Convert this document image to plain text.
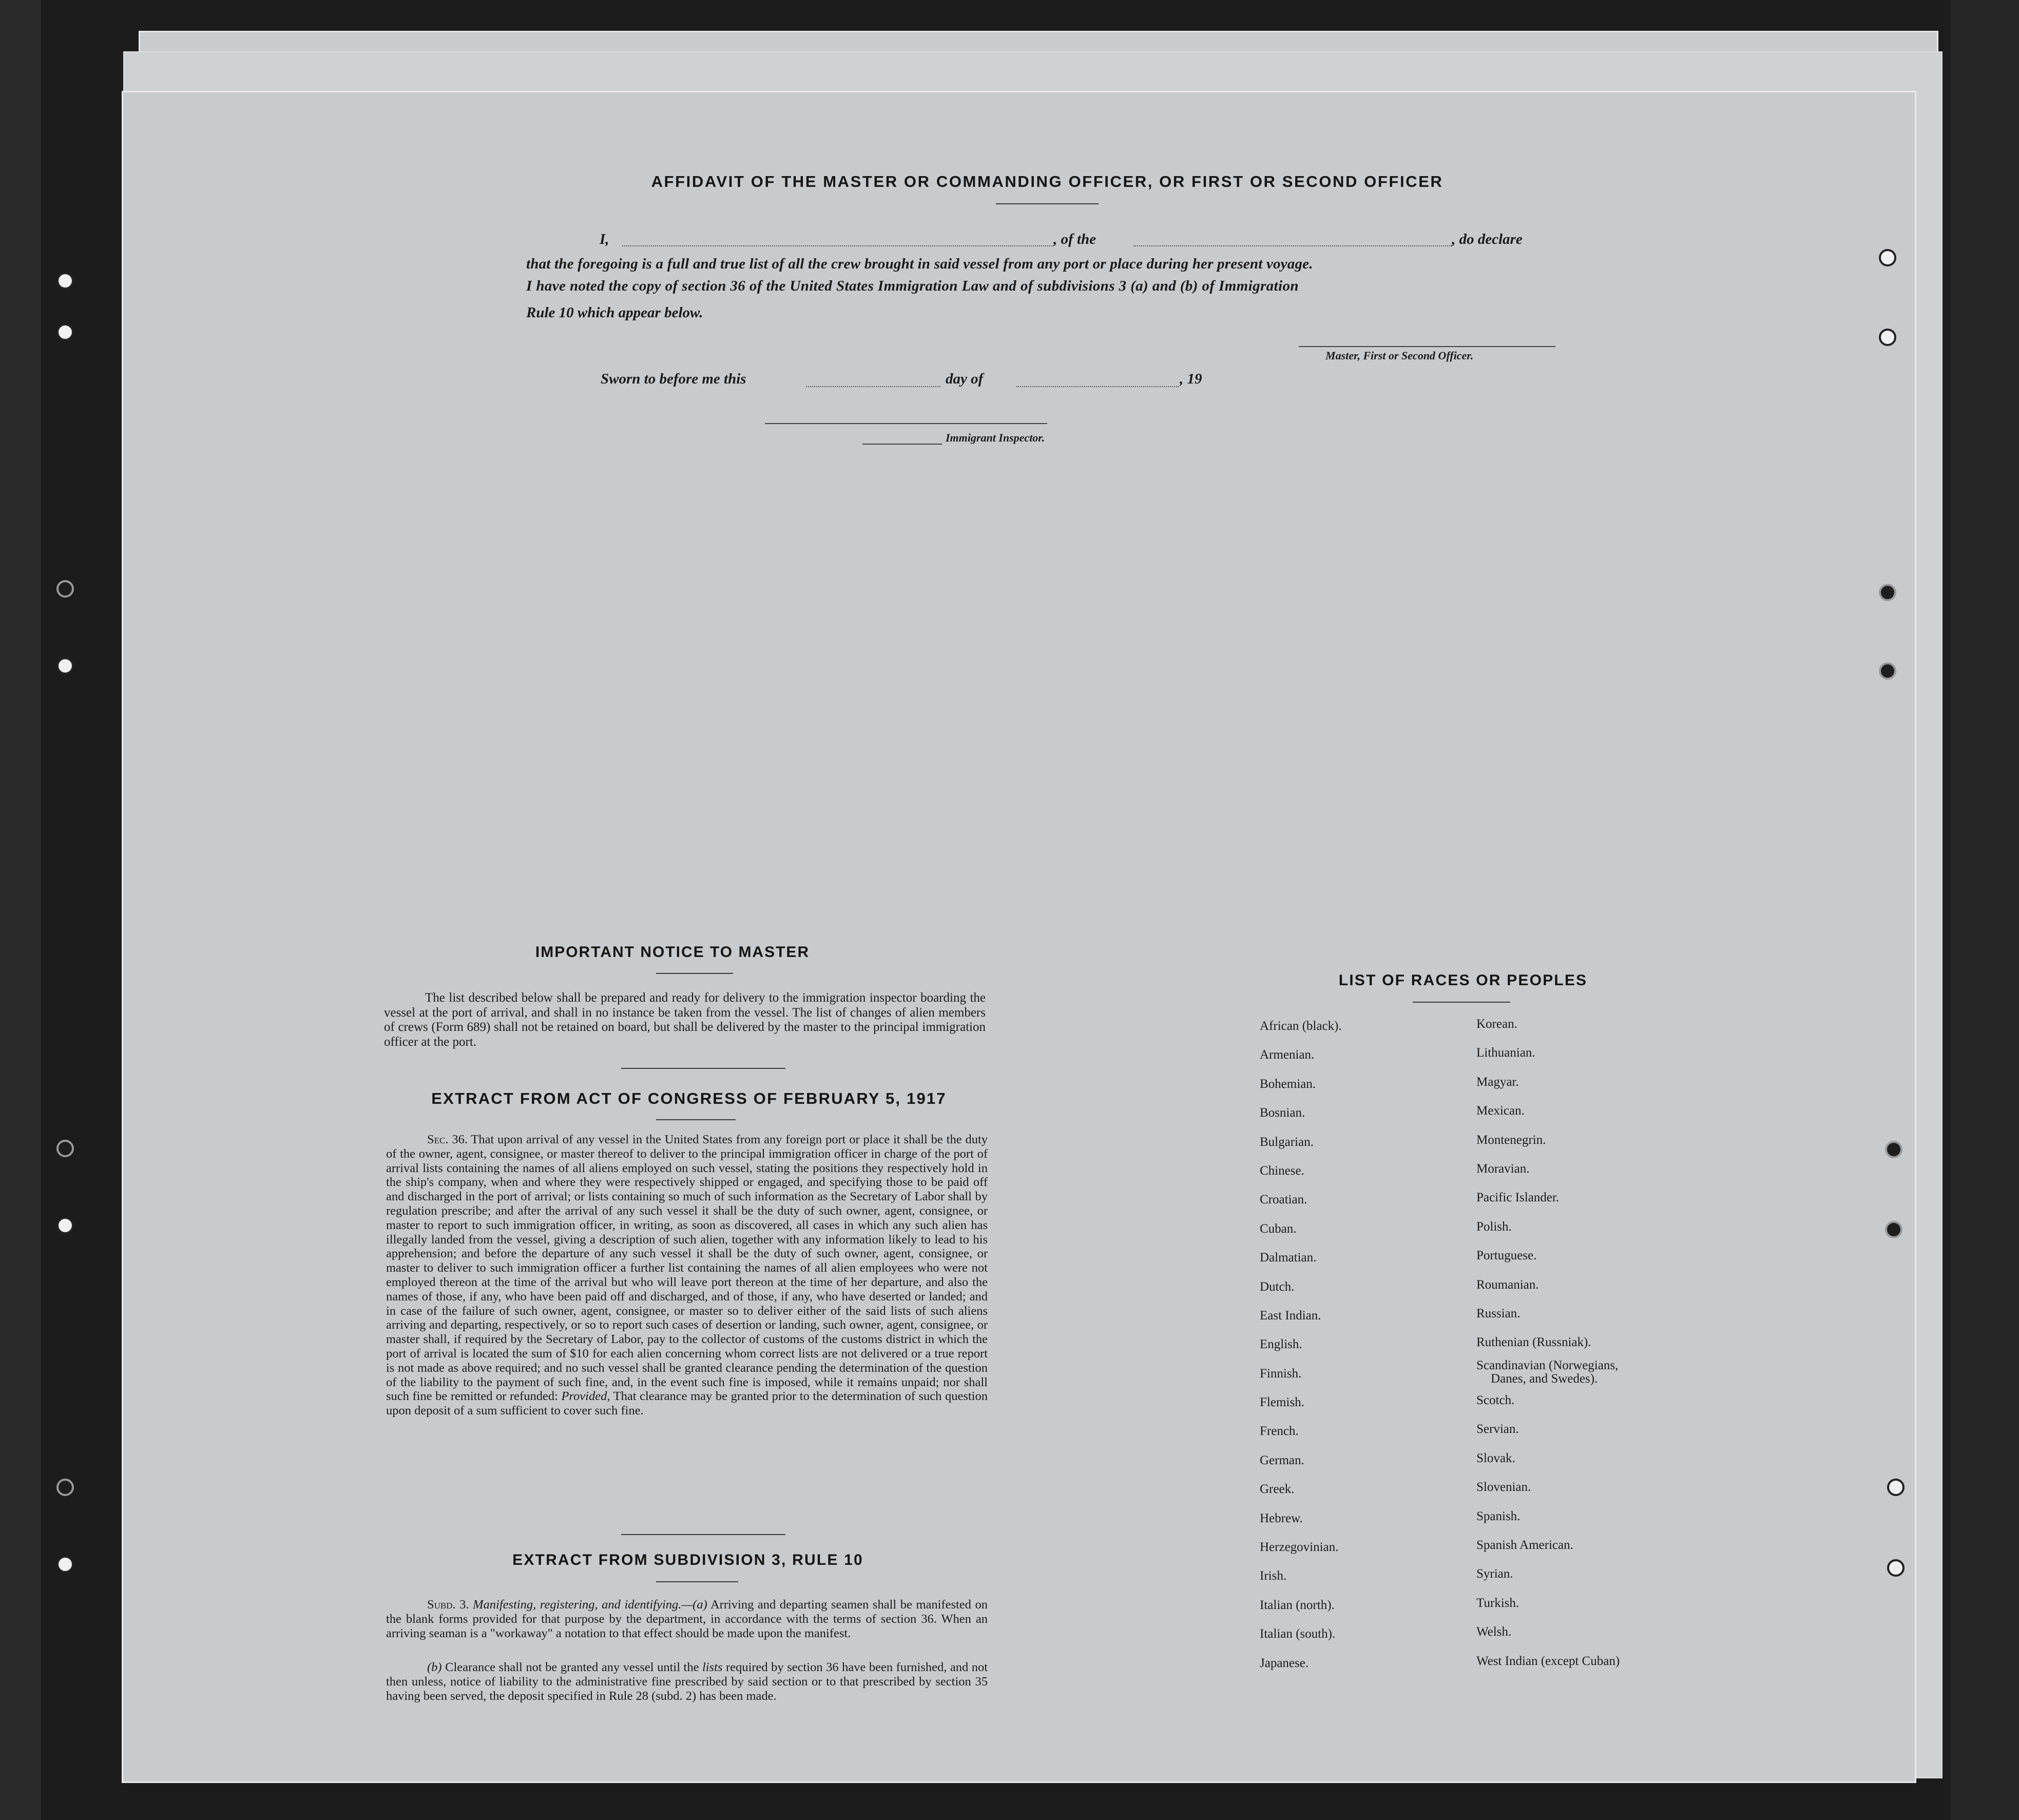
AFFIDAVIT OF THE MASTER OR COMMANDING OFFICER, OR FIRST OR SECOND OFFICER
I,	, of the	, do declare
that the foregoing is a full and true list of all the crew brought in said vessel from any port or place during her present voyage.
I have noted the copy of section 36 of the United States Immigration Law and of subdivisions 3 (a) and (b) of Immigration
Rule 10 which appear below.
Master, First or Second Officer.
Sworn to before me this	day of	, 19
Immigrant Inspector.
IMPORTANT NOTICE TO MASTER
The list described below shall be prepared and ready for delivery to the immigration inspector boarding the vessel at the port of arrival, and shall in no instance be taken from the vessel. The list of changes of alien members of crews (Form 689) shall not be retained on board, but shall be delivered by the master to the principal immigration officer at the port.
EXTRACT FROM ACT OF CONGRESS OF FEBRUARY 5, 1917
Sec. 36. That upon arrival of any vessel in the United States from any foreign port or place it shall be the duty of the owner, agent, consignee, or master thereof to deliver to the principal immigration officer in charge of the port of arrival lists containing the names of all aliens employed on such vessel, stating the positions they respectively hold in the ship's company, when and where they were respectively shipped or engaged, and specifying those to be paid off and discharged in the port of arrival; or lists containing so much of such information as the Secretary of Labor shall by regulation prescribe; and after the arrival of any such vessel it shall be the duty of such owner, agent, consignee, or master to report to such immigration officer, in writing, as soon as discovered, all cases in which any such alien has illegally landed from the vessel, giving a description of such alien, together with any information likely to lead to his apprehension; and before the departure of any such vessel it shall be the duty of such owner, agent, consignee, or master to deliver to such immigration officer a further list containing the names of all alien employees who were not employed thereon at the time of the arrival but who will leave port thereon at the time of her departure, and also the names of those, if any, who have been paid off and discharged, and of those, if any, who have deserted or landed; and in case of the failure of such owner, agent, consignee, or master so to deliver either of the said lists of such aliens arriving and departing, respectively, or so to report such cases of desertion or landing, such owner, agent, consignee, or master shall, if required by the Secretary of Labor, pay to the collector of customs of the customs district in which the port of arrival is located the sum of $10 for each alien concerning whom correct lists are not delivered or a true report is not made as above required; and no such vessel shall be granted clearance pending the determination of the question of the liability to the payment of such fine, and, in the event such fine is imposed, while it remains unpaid; nor shall such fine be remitted or refunded: Provided, That clearance may be granted prior to the determination of such question upon deposit of a sum sufficient to cover such fine.
EXTRACT FROM SUBDIVISION 3, RULE 10
Subd. 3. Manifesting, registering, and identifying.—(a) Arriving and departing seamen shall be manifested on the blank forms provided for that purpose by the department, in accordance with the terms of section 36. When an arriving seaman is a "workaway" a notation to that effect should be made upon the manifest.
(b) Clearance shall not be granted any vessel until the lists required by section 36 have been furnished, and not then unless, notice of liability to the administrative fine prescribed by said section or to that prescribed by section 35 having been served, the deposit specified in Rule 28 (subd. 2) has been made.
LIST OF RACES OR PEOPLES
African (black).
Armenian.
Bohemian.
Bosnian.
Bulgarian.
Chinese.
Croatian.
Cuban.
Dalmatian.
Dutch.
East Indian.
English.
Finnish.
Flemish.
French.
German.
Greek.
Hebrew.
Herzegovinian.
Irish.
Italian (north).
Italian (south).
Japanese.
Korean.
Lithuanian.
Magyar.
Mexican.
Montenegrin.
Moravian.
Pacific Islander.
Polish.
Portuguese.
Roumanian.
Russian.
Ruthenian (Russniak).
Scandinavian (Norwegians,
Danes, and Swedes).
Scotch.
Servian.
Slovak.
Slovenian.
Spanish.
Spanish American.
Syrian.
Turkish.
Welsh.
West Indian (except Cuban)
